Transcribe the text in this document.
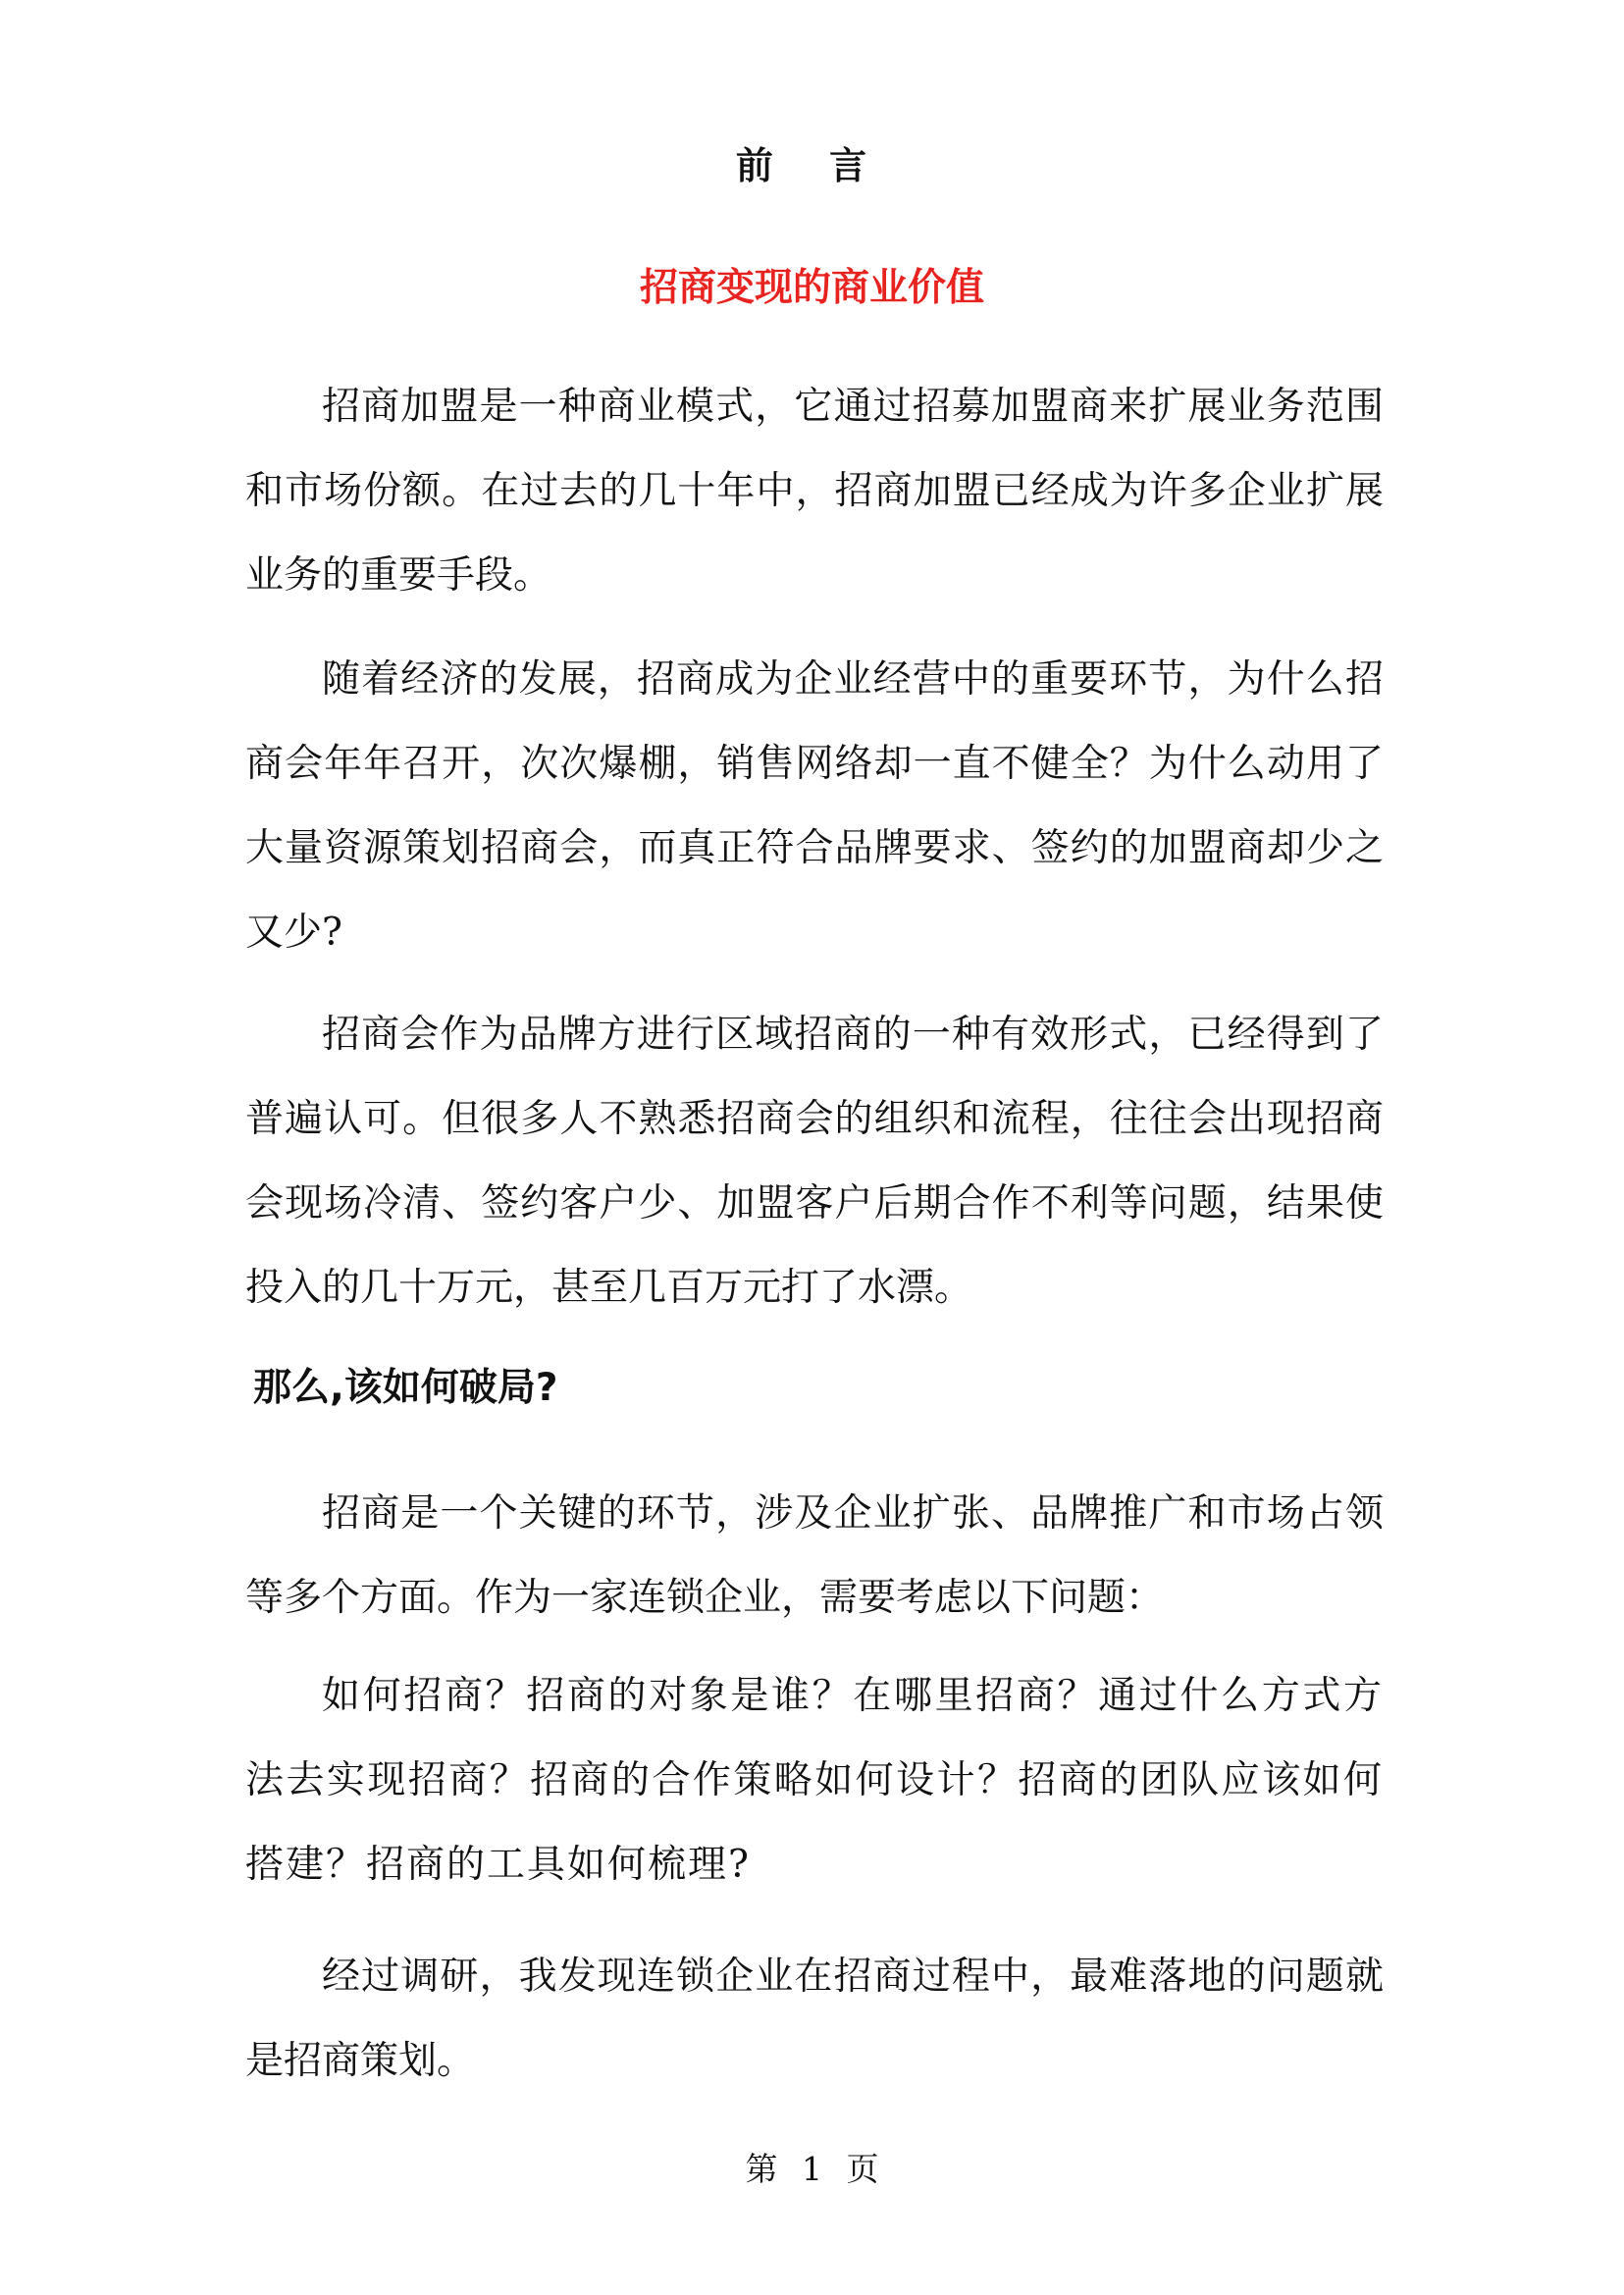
前 言
招商变现的商业价值

招商加盟是一种商业模式，它通过招募加盟商来扩展业务范围和市场份额。在过去的几十年中，招商加盟已经成为许多企业扩展业务的重要手段。

随着经济的发展，招商成为企业经营中的重要环节，为什么招商会年年召开，次次爆棚，销售网络却一直不健全？为什么动用了大量资源策划招商会，而真正符合品牌要求、签约的加盟商却少之又少?

招商会作为品牌方进行区域招商的一种有效形式，已经得到了普遍认可。但很多人不熟悉招商会的组织和流程，往往会出现招商会现场冷清、签约客户少、加盟客户后期合作不利等问题，结果使投入的几十万元，甚至几百万元打了水漂。

那么,该如何破局?

招商是一个关键的环节，涉及企业扩张、品牌推广和市场占领等多个方面。作为一家连锁企业，需要考虑以下问题：

如何招商？招商的对象是谁？在哪里招商？通过什么方式方法去实现招商？招商的合作策略如何设计？招商的团队应该如何搭建？招商的工具如何梳理?

经过调研，我发现连锁企业在招商过程中，最难落地的问题就是招商策划。

第 1 页
